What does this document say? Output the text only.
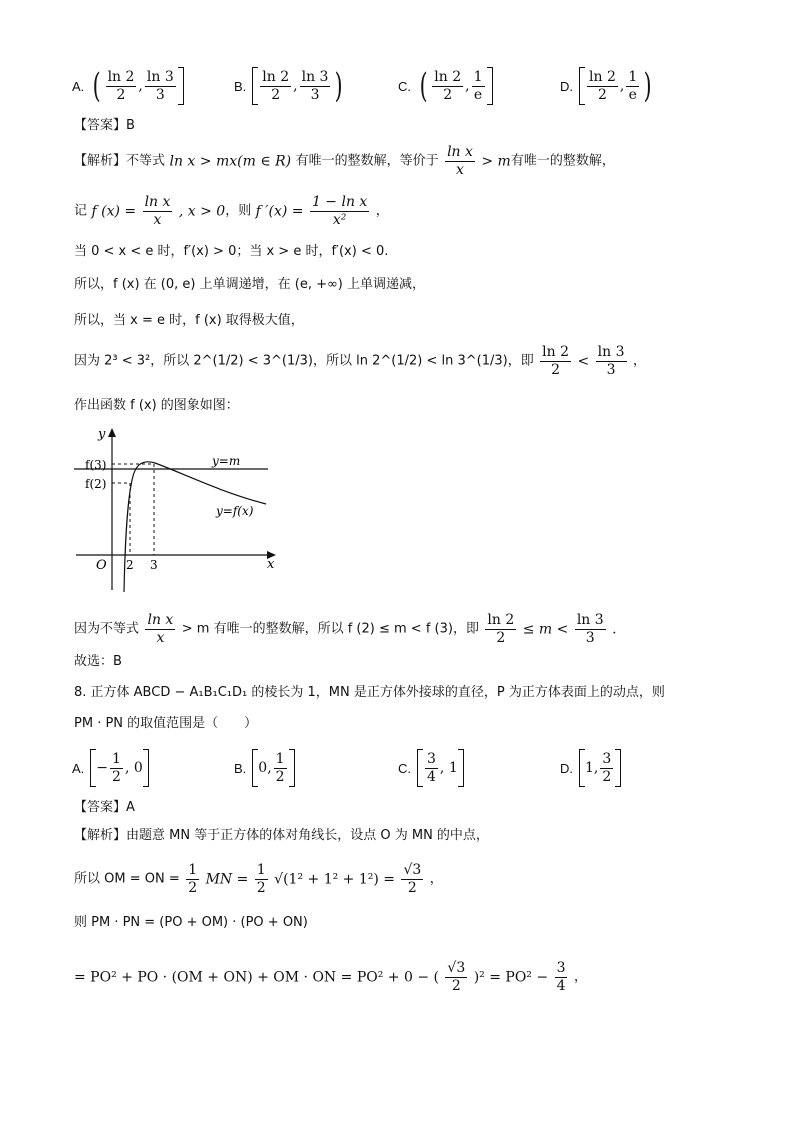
A. ( $\frac{\ln 2}{2}$ , $\frac{\ln 3}{3}$	B. $\frac{\ln 2}{2}$ , $\frac{\ln 3}{3}$ )	C. ( $\frac{\ln 2}{2}$ , $\frac{1}{e}$	D. $\frac{\ln 2}{2}$ , $\frac{1}{e}$ )
【答案】B
【解析】不等式 ln x > mx(m ∈ R) 有唯一的整数解，等价于 $\frac{\text{ln x}}{x} > m$有唯一的整数解，
记 f $(x) = \frac{\text{ln x}}{x}$ , x > 0，则 f $'(x) = \frac{\text{1 − ln x}}{\text{x²}}$ ，
当 0 < x < e 时，f′(x) > 0；当 x > e 时，f′(x) < 0.
所以，f (x) 在 (0, e) 上单调递增，在 (e, +∞) 上单调递减，
所以，当 x = e 时，f (x) 取得极大值，
因为 2³ < 3²，所以 2^(1/2) < 3^(1/3)，所以 ln 2^(1/2) < ln 3^(1/3)，即 $\frac{\ln 2}{2} < \frac{\ln 3}{3}$ ，
作出函数 f (x) 的图象如图：
y
x
O
f(3)
f(2)
2 3
y=m
y=f(x)
因为不等式 $\frac{\text{ln x}}{x} > m$ 有唯一的整数解，所以 f (2) ≤ m < f (3)，即 $\frac{\ln 2}{2} \le m < \frac{\ln 3}{3}$ .
故选：B
8. 正方体 ABCD − A₁B₁C₁D₁ 的棱长为 1，MN 是正方体外接球的直径，P 为正方体表面上的动点，则
PM · PN 的取值范围是（　　）
A. − $\frac{1}{2}$ , 0	B. 0, $\frac{1}{2}$	C. $\frac{3}{4}$ , 1	D. 1, $\frac{3}{2}$
【答案】A
【解析】由题意 MN 等于正方体的体对角线长，设点 O 为 MN 的中点，
所以 OM = ON = $\frac{1}{2}$ MN = $\frac{1}{2} √(1^2 + 1^2 + 1^2) = \frac{√3}{2}$ ，
则 PM · PN = (PO + OM) · (PO + ON)
= PO² + PO · (OM + ON) + OM · ON = PO² + 0 − ( $\frac{√3}{2} )^2 = PO^2 - \frac{3}{4}$ ，
